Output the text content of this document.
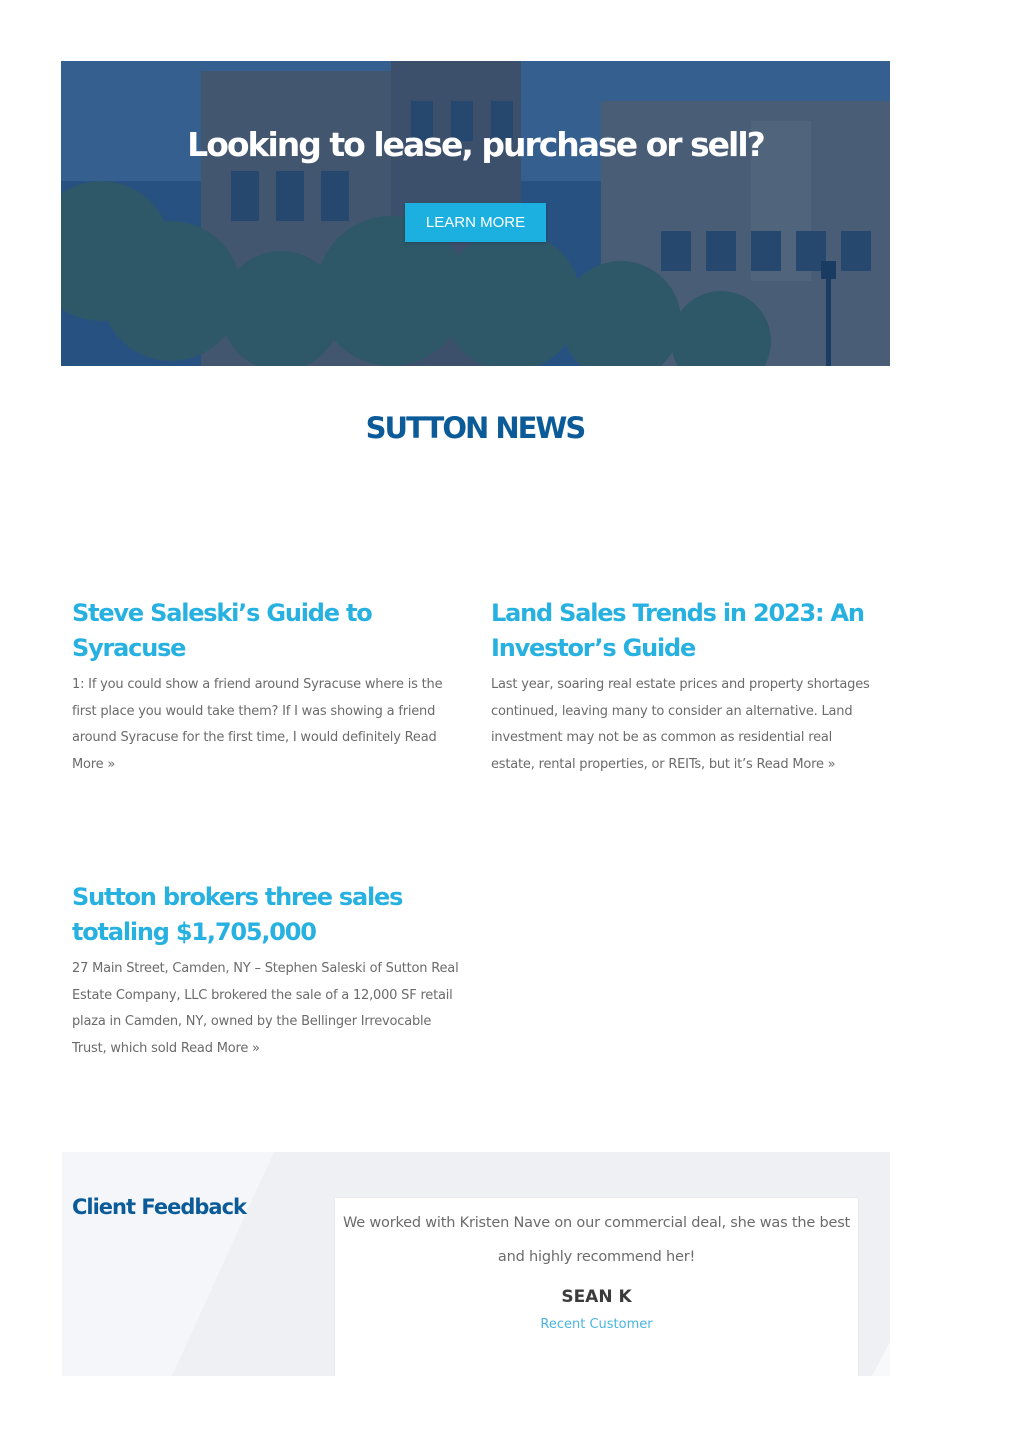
Looking to lease, purchase or sell?
LEARN MORE
SUTTON NEWS
Steve Saleski’s Guide to Syracuse

1: If you could show a friend around Syracuse where is the first place you would take them? If I was showing a friend around Syracuse for the first time, I would definitely Read More »

Land Sales Trends in 2023: An Investor’s Guide

Last year, soaring real estate prices and property shortages continued, leaving many to consider an alternative. Land investment may not be as common as residential real estate, rental properties, or REITs, but it’s Read More »

Sutton brokers three sales totaling $1,705,000

27 Main Street, Camden, NY – Stephen Saleski of Sutton Real Estate Company, LLC brokered the sale of a 12,000 SF retail plaza in Camden, NY, owned by the Bellinger Irrevocable Trust, which sold Read More »

Client Feedback

We worked with Kristen Nave on our commercial deal, she was the best and highly recommend her!

SEAN K
Recent Customer
